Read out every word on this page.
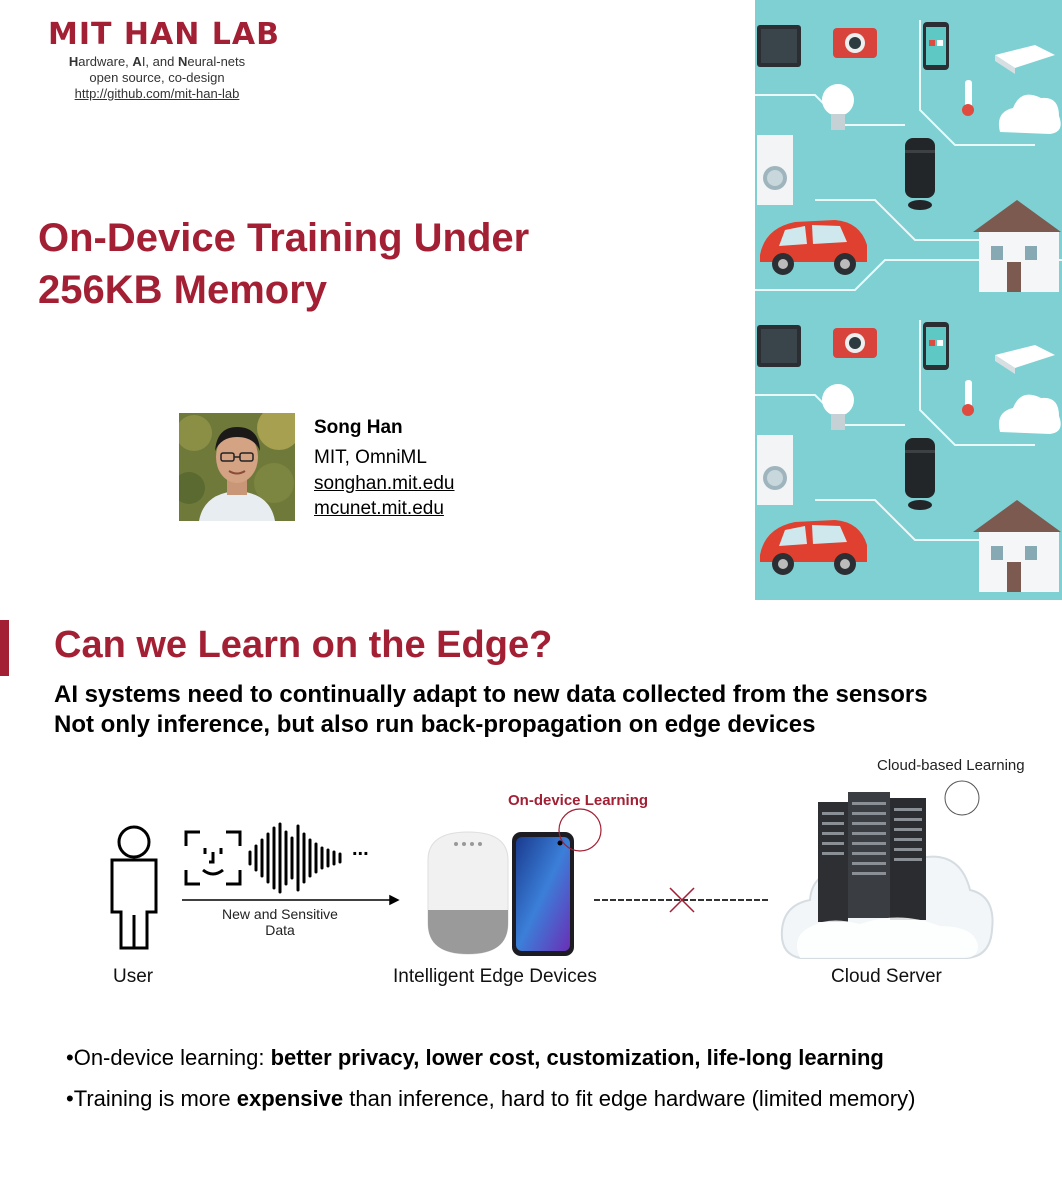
MIT HAN LAB
Hardware, AI, and Neural-nets
open source, co-design
http://github.com/mit-han-lab
On-Device Training Under
256KB Memory
Song Han
MIT, OmniML
songhan.mit.edu
mcunet.mit.edu
Can we Learn on the Edge?
AI systems need to continually adapt to new data collected from the sensors
Not only inference, but also run back-propagation on edge devices
...
New and Sensitive
Data
User	Intelligent Edge Devices	Cloud Server
On-device Learning
Cloud-based Learning
•On-device learning: better privacy, lower cost, customization, life-long learning
•Training is more expensive than inference, hard to fit edge hardware (limited memory)
